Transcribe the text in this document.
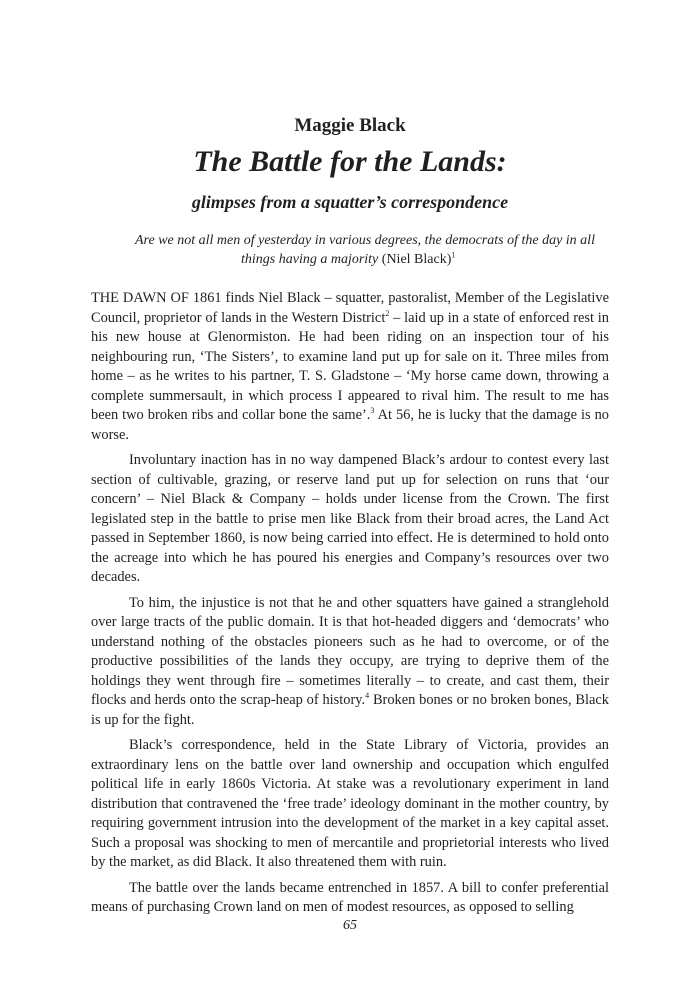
Maggie Black
The Battle for the Lands:
glimpses from a squatter’s correspondence
Are we not all men of yesterday in various degrees, the democrats of the day in all
things having a majority (Niel Black)$^1$

THE DAWN OF 1861 finds Niel Black – squatter, pastoralist, Member of the Legislative Council, proprietor of lands in the Western District$^2$ – laid up in a state of enforced rest in his new house at Glenormiston. He had been riding on an inspection tour of his neighbouring run, ‘The Sisters’, to examine land put up for sale on it. Three miles from home – as he writes to his partner, T. S. Gladstone – ‘My horse came down, throwing a complete summersault, in which process I appeared to rival him. The result to me has been two broken ribs and collar bone the same’.$^3$ At 56, he is lucky that the damage is no worse.

Involuntary inaction has in no way dampened Black’s ardour to contest every last section of cultivable, grazing, or reserve land put up for selection on runs that ‘our concern’ – Niel Black & Company – holds under license from the Crown. The first legislated step in the battle to prise men like Black from their broad acres, the Land Act passed in September 1860, is now being carried into effect. He is determined to hold onto the acreage into which he has poured his energies and Company’s resources over two decades.

To him, the injustice is not that he and other squatters have gained a stranglehold over large tracts of the public domain. It is that hot-headed diggers and ‘democrats’ who understand nothing of the obstacles pioneers such as he had to overcome, or of the productive possibilities of the lands they occupy, are trying to deprive them of the holdings they went through fire – sometimes literally – to create, and cast them, their flocks and herds onto the scrap-heap of history.$^4$ Broken bones or no broken bones, Black is up for the fight.

Black’s correspondence, held in the State Library of Victoria, provides an extraordinary lens on the battle over land ownership and occupation which engulfed political life in early 1860s Victoria. At stake was a revolutionary experiment in land distribution that contravened the ‘free trade’ ideology dominant in the mother country, by requiring government intrusion into the development of the market in a key capital asset. Such a proposal was shocking to men of mercantile and proprietorial interests who lived by the market, as did Black. It also threatened them with ruin.

The battle over the lands became entrenched in 1857. A bill to confer preferential means of purchasing Crown land on men of modest resources, as opposed to selling

65
